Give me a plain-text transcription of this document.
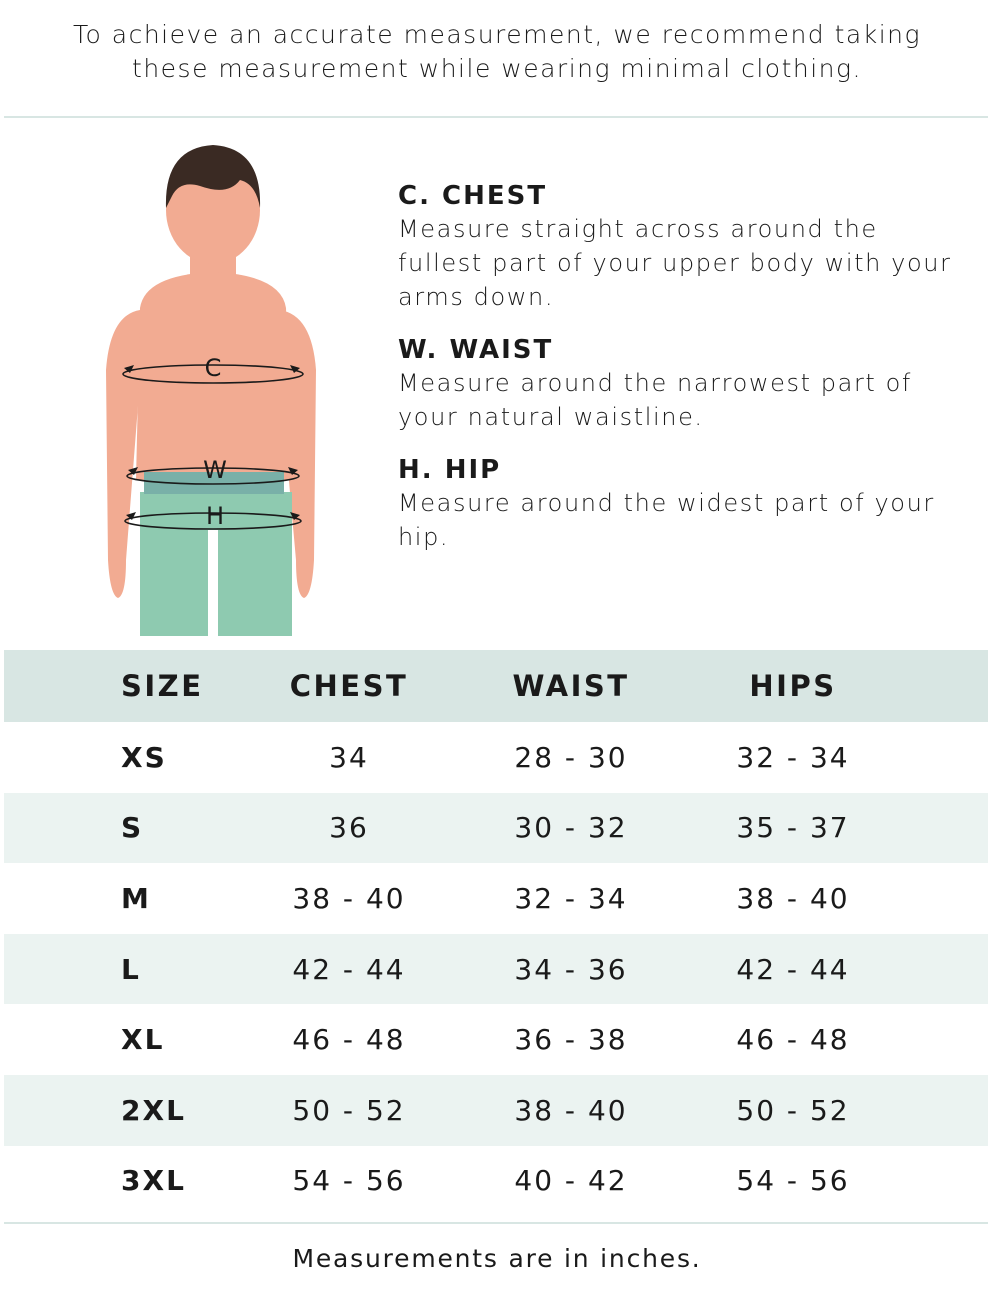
To achieve an accurate measurement, we recommend taking
these measurement while wearing minimal clothing.
C
W
H
C. CHEST
Measure straight across around the
fullest part of your upper body with your
arms down.
W. WAIST
Measure around the narrowest part of
your natural waistline.
H. HIP
Measure around the widest part of your
hip.
SIZE	CHEST	WAIST	HIPS
XS	34	28 - 30	32 - 34
S	36	30 - 32	35 - 37
M	38 - 40	32 - 34	38 - 40
L	42 - 44	34 - 36	42 - 44
XL	46 - 48	36 - 38	46 - 48
2XL	50 - 52	38 - 40	50 - 52
3XL	54 - 56	40 - 42	54 - 56
Measurements are in inches.
